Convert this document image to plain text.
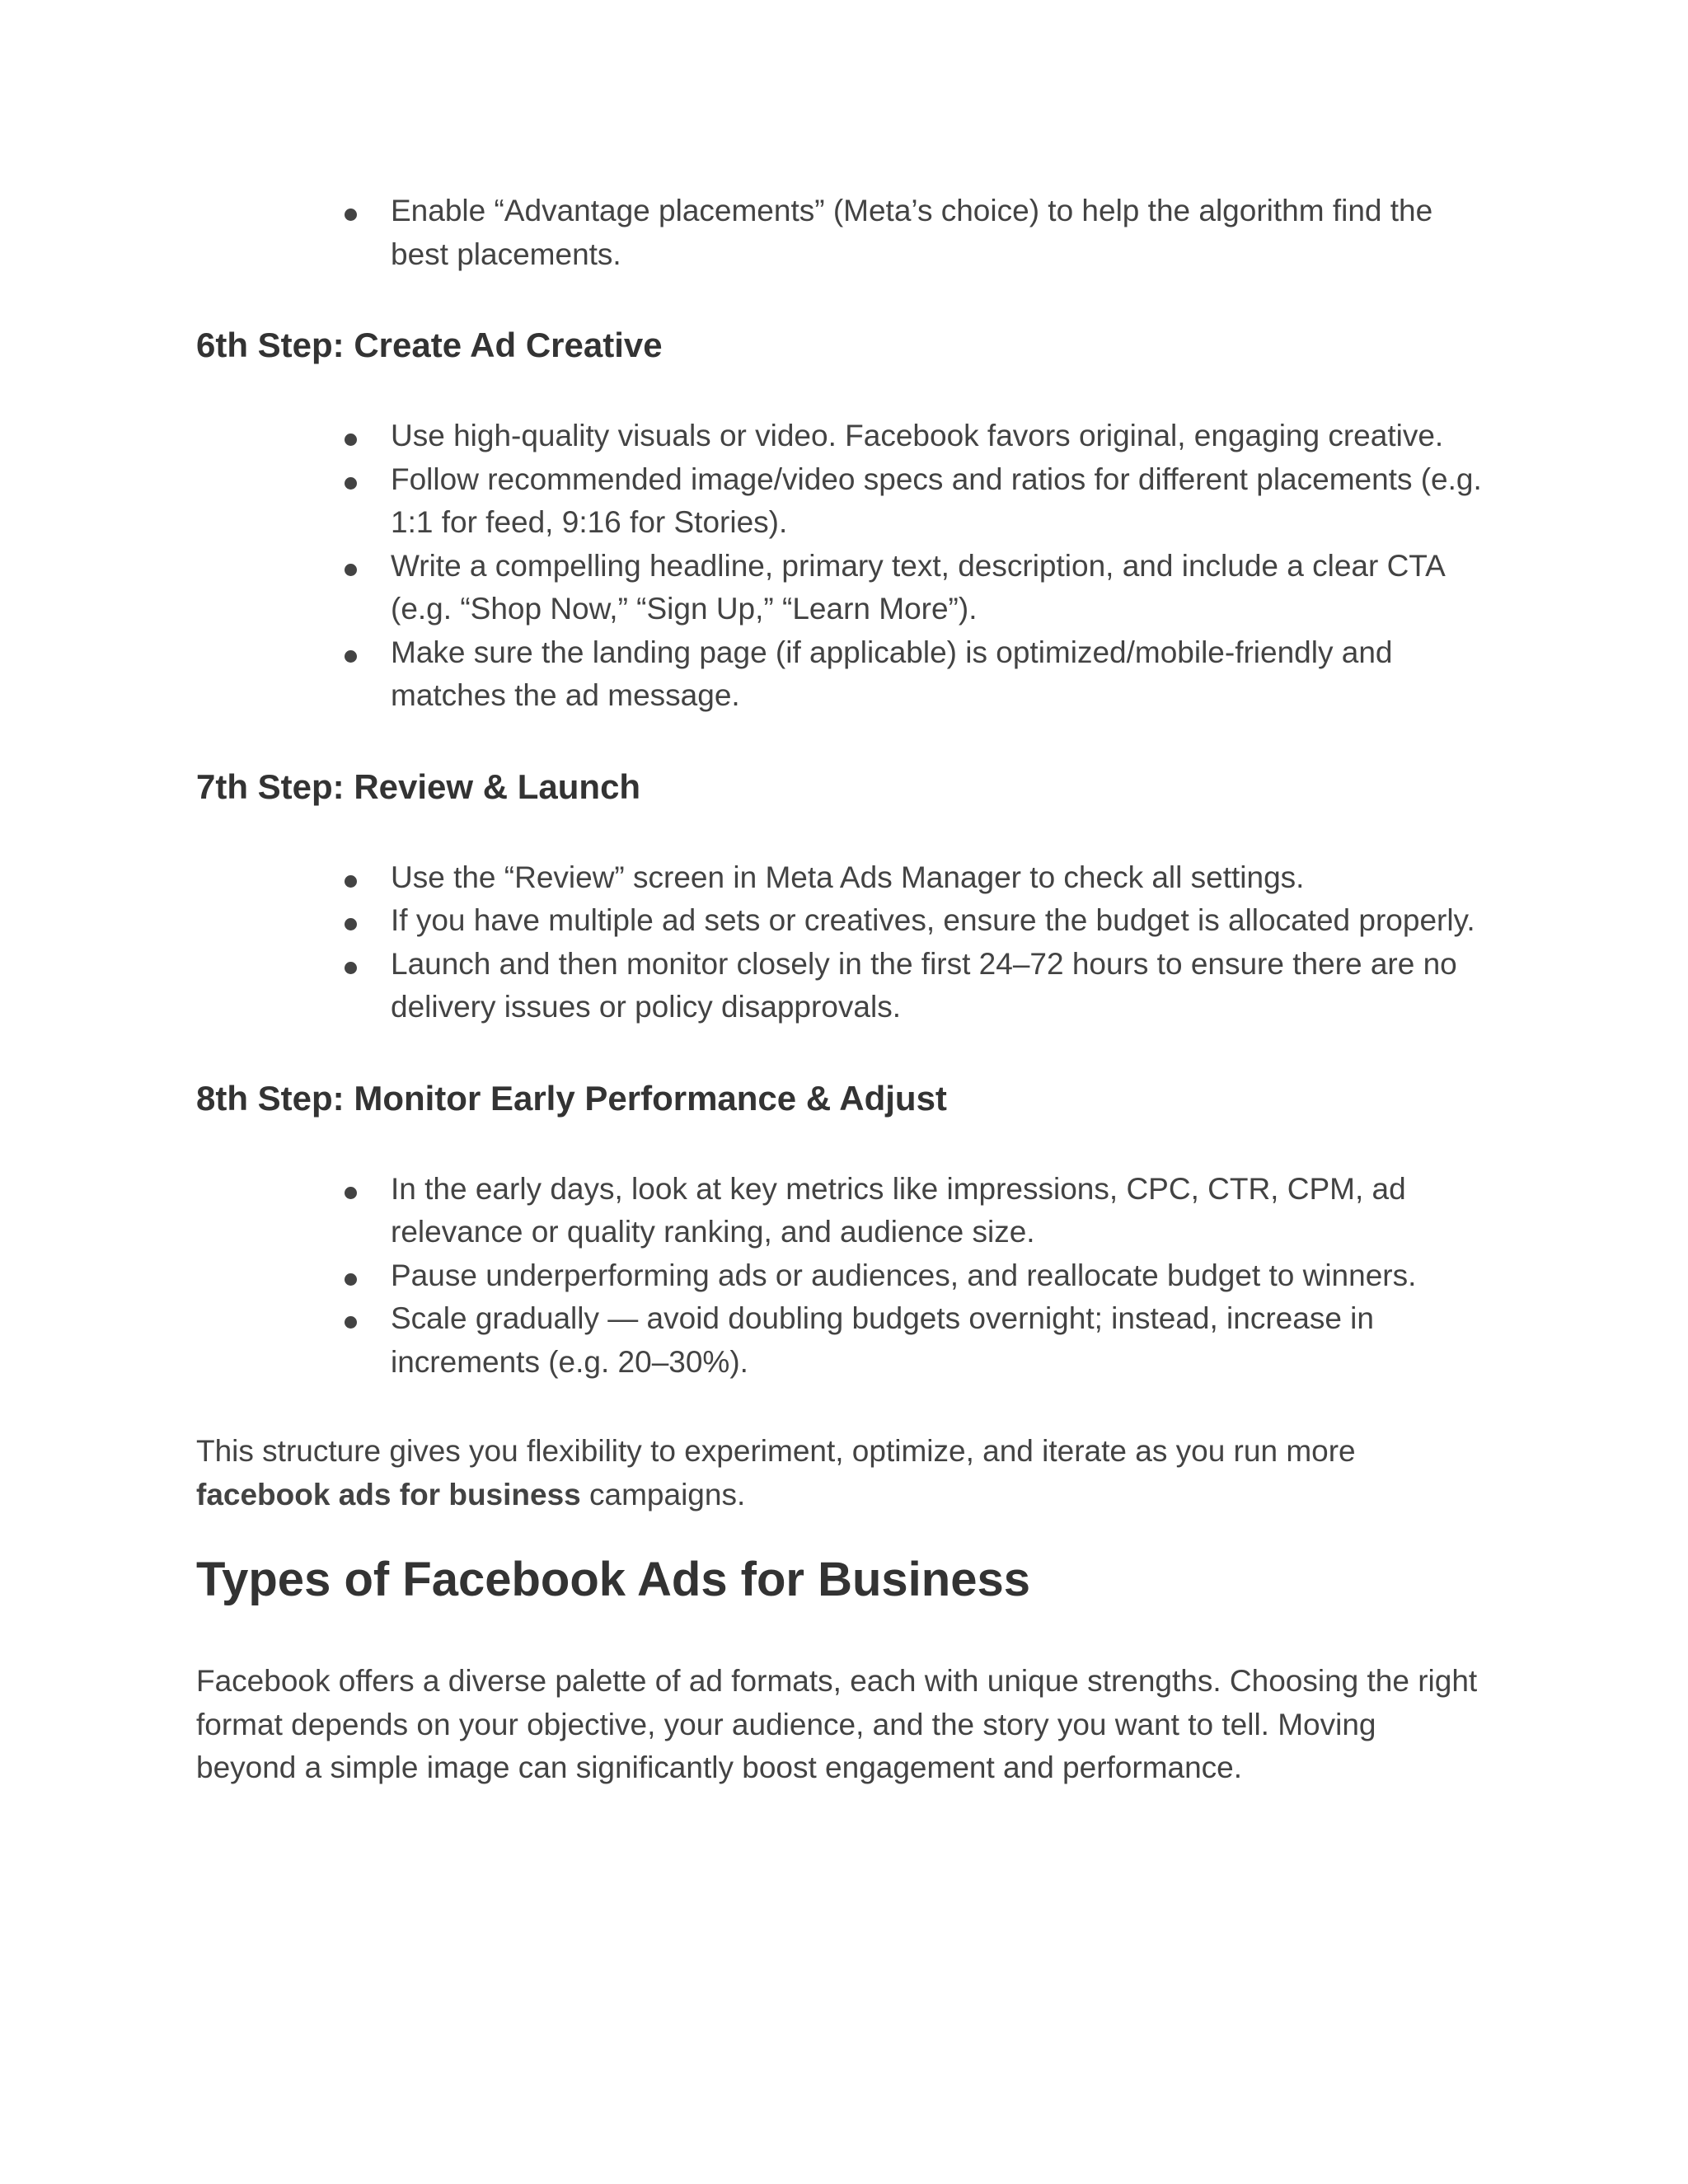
Enable “Advantage placements” (Meta’s choice) to help the algorithm find the best placements.
6th Step: Create Ad Creative
Use high-quality visuals or video. Facebook favors original, engaging creative.
Follow recommended image/video specs and ratios for different placements (e.g. 1:1 for feed, 9:16 for Stories).
Write a compelling headline, primary text, description, and include a clear CTA (e.g. “Shop Now,” “Sign Up,” “Learn More”).
Make sure the landing page (if applicable) is optimized/mobile-friendly and matches the ad message.
7th Step: Review & Launch
Use the “Review” screen in Meta Ads Manager to check all settings.
If you have multiple ad sets or creatives, ensure the budget is allocated properly.
Launch and then monitor closely in the first 24–72 hours to ensure there are no delivery issues or policy disapprovals.
8th Step: Monitor Early Performance & Adjust
In the early days, look at key metrics like impressions, CPC, CTR, CPM, ad relevance or quality ranking, and audience size.
Pause underperforming ads or audiences, and reallocate budget to winners.
Scale gradually — avoid doubling budgets overnight; instead, increase in increments (e.g. 20–30%).

This structure gives you flexibility to experiment, optimize, and iterate as you run more facebook ads for business campaigns.

Types of Facebook Ads for Business

Facebook offers a diverse palette of ad formats, each with unique strengths. Choosing the right format depends on your objective, your audience, and the story you want to tell. Moving beyond a simple image can significantly boost engagement and performance.
